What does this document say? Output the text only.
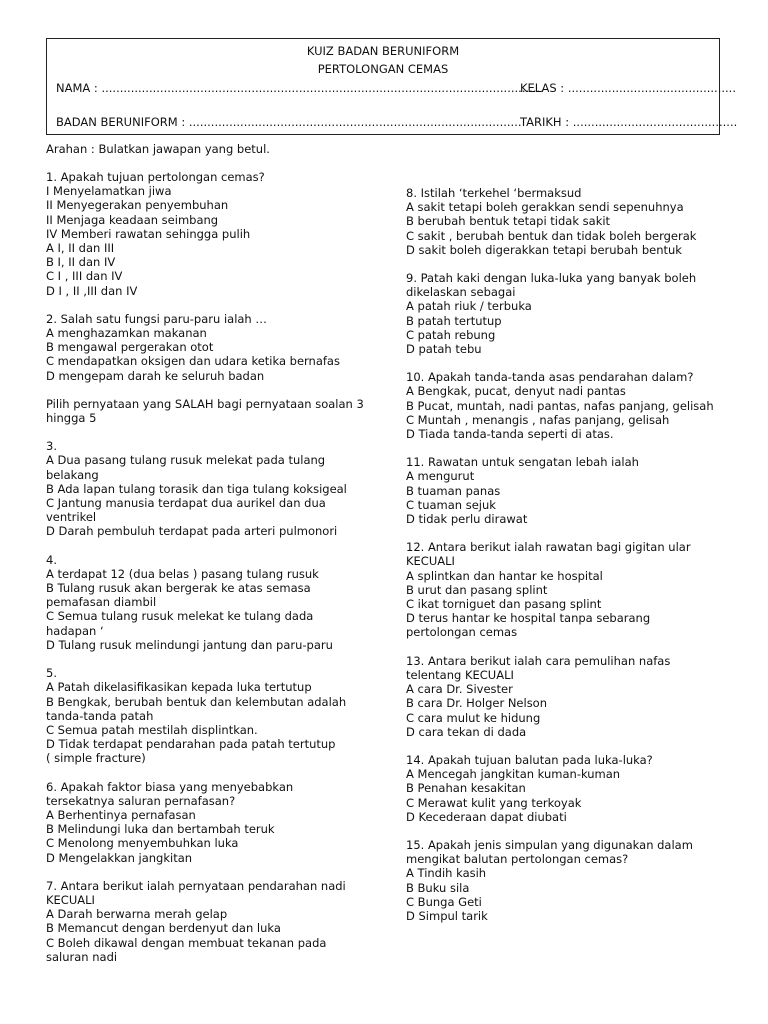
KUIZ BADAN BERUNIFORM
PERTOLONGAN CEMAS
NAMA : .........................................................................................................................
KELAS : ..............................................
BADAN BERUNIFORM : ...........................................................................................
TARIKH : .............................................
Arahan : Bulatkan jawapan yang betul.
1. Apakah tujuan pertolongan cemas?
I Menyelamatkan jiwa
II Menyegerakan penyembuhan
II Menjaga keadaan seimbang
IV Memberi rawatan sehingga pulih
A I, II dan III
B I, II dan IV
C I , III dan IV
D I , II ,III dan IV
2. Salah satu fungsi paru-paru ialah …
A menghazamkan makanan
B mengawal pergerakan otot
C mendapatkan oksigen dan udara ketika bernafas
D mengepam darah ke seluruh badan
Pilih pernyataan yang SALAH bagi pernyataan soalan 3
hingga 5
3.
A Dua pasang tulang rusuk melekat pada tulang
belakang
B Ada lapan tulang torasik dan tiga tulang koksigeal
C Jantung manusia terdapat dua aurikel dan dua
ventrikel
D Darah pembuluh terdapat pada arteri pulmonori
4.
A terdapat 12 (dua belas ) pasang tulang rusuk
B Tulang rusuk akan bergerak ke atas semasa
pemafasan diambil
C Semua tulang rusuk melekat ke tulang dada
hadapan ‘
D Tulang rusuk melindungi jantung dan paru-paru
5.
A Patah dikelasifikasikan kepada luka tertutup
B Bengkak, berubah bentuk dan kelembutan adalah
tanda-tanda patah
C Semua patah mestilah displintkan.
D Tidak terdapat pendarahan pada patah tertutup
( simple fracture)
6. Apakah faktor biasa yang menyebabkan
tersekatnya saluran pernafasan?
A Berhentinya pernafasan
B Melindungi luka dan bertambah teruk
C Menolong menyembuhkan luka
D Mengelakkan jangkitan
7. Antara berikut ialah pernyataan pendarahan nadi
KECUALI
A Darah berwarna merah gelap
B Memancut dengan berdenyut dan luka
C Boleh dikawal dengan membuat tekanan pada
saluran nadi
8. Istilah ‘terkehel ‘bermaksud
A sakit tetapi boleh gerakkan sendi sepenuhnya
B berubah bentuk tetapi tidak sakit
C sakit , berubah bentuk dan tidak boleh bergerak
D sakit boleh digerakkan tetapi berubah bentuk
9. Patah kaki dengan luka-luka yang banyak boleh
dikelaskan sebagai
A patah riuk / terbuka
B patah tertutup
C patah rebung
D patah tebu
10. Apakah tanda-tanda asas pendarahan dalam?
A Bengkak, pucat, denyut nadi pantas
B Pucat, muntah, nadi pantas, nafas panjang, gelisah
C Muntah , menangis , nafas panjang, gelisah
D Tiada tanda-tanda seperti di atas.
11. Rawatan untuk sengatan lebah ialah
A mengurut
B tuaman panas
C tuaman sejuk
D tidak perlu dirawat
12. Antara berikut ialah rawatan bagi gigitan ular
KECUALI
A splintkan dan hantar ke hospital
B urut dan pasang splint
C ikat torniguet dan pasang splint
D terus hantar ke hospital tanpa sebarang
pertolongan cemas
13. Antara berikut ialah cara pemulihan nafas
telentang KECUALI
A cara Dr. Sivester
B cara Dr. Holger Nelson
C cara mulut ke hidung
D cara tekan di dada
14. Apakah tujuan balutan pada luka-luka?
A Mencegah jangkitan kuman-kuman
B Penahan kesakitan
C Merawat kulit yang terkoyak
D Kecederaan dapat diubati
15. Apakah jenis simpulan yang digunakan dalam
mengikat balutan pertolongan cemas?
A Tindih kasih
B Buku sila
C Bunga Geti
D Simpul tarik
